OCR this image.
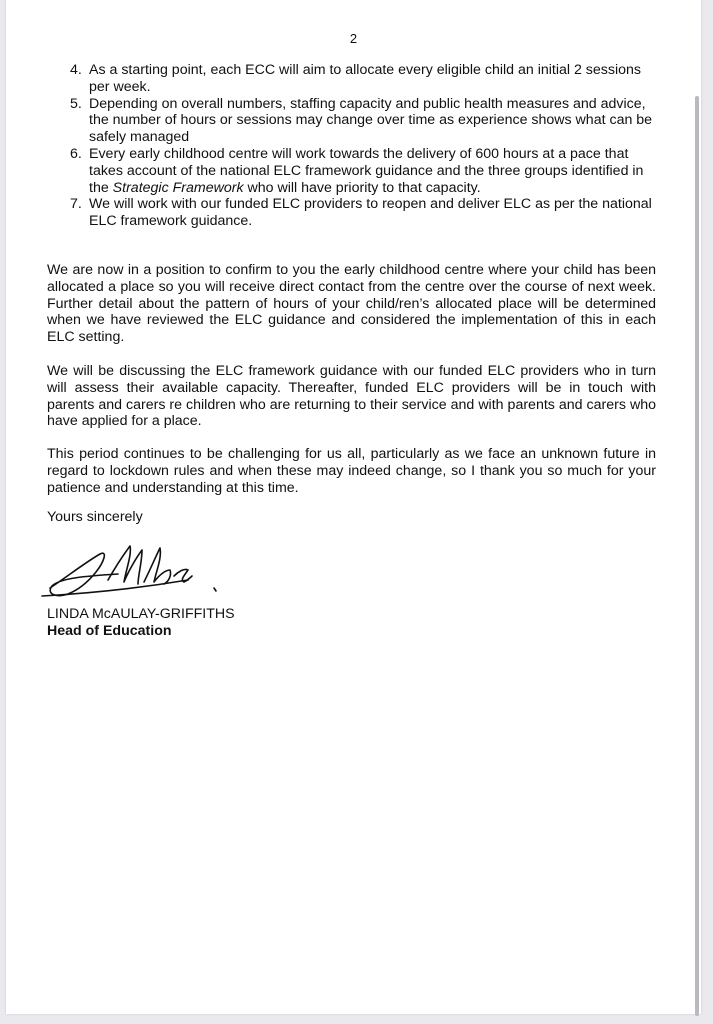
2
4. As a starting point, each ECC will aim to allocate every eligible child an initial 2 sessions per week.
5. Depending on overall numbers, staffing capacity and public health measures and advice, the number of hours or sessions may change over time as experience shows what can be safely managed
6. Every early childhood centre will work towards the delivery of 600 hours at a pace that takes account of the national ELC framework guidance and the three groups identified in the Strategic Framework who will have priority to that capacity.
7. We will work with our funded ELC providers to reopen and deliver ELC as per the national ELC framework guidance.

We are now in a position to confirm to you the early childhood centre where your child has been allocated a place so you will receive direct contact from the centre over the course of next week. Further detail about the pattern of hours of your child/ren’s allocated place will be determined when we have reviewed the ELC guidance and considered the implementation of this in each ELC setting.

We will be discussing the ELC framework guidance with our funded ELC providers who in turn will assess their available capacity. Thereafter, funded ELC providers will be in touch with parents and carers re children who are returning to their service and with parents and carers who have applied for a place.

This period continues to be challenging for us all, particularly as we face an unknown future in regard to lockdown rules and when these may indeed change, so I thank you so much for your patience and understanding at this time.

Yours sincerely
LINDA McAULAY-GRIFFITHS
Head of Education
